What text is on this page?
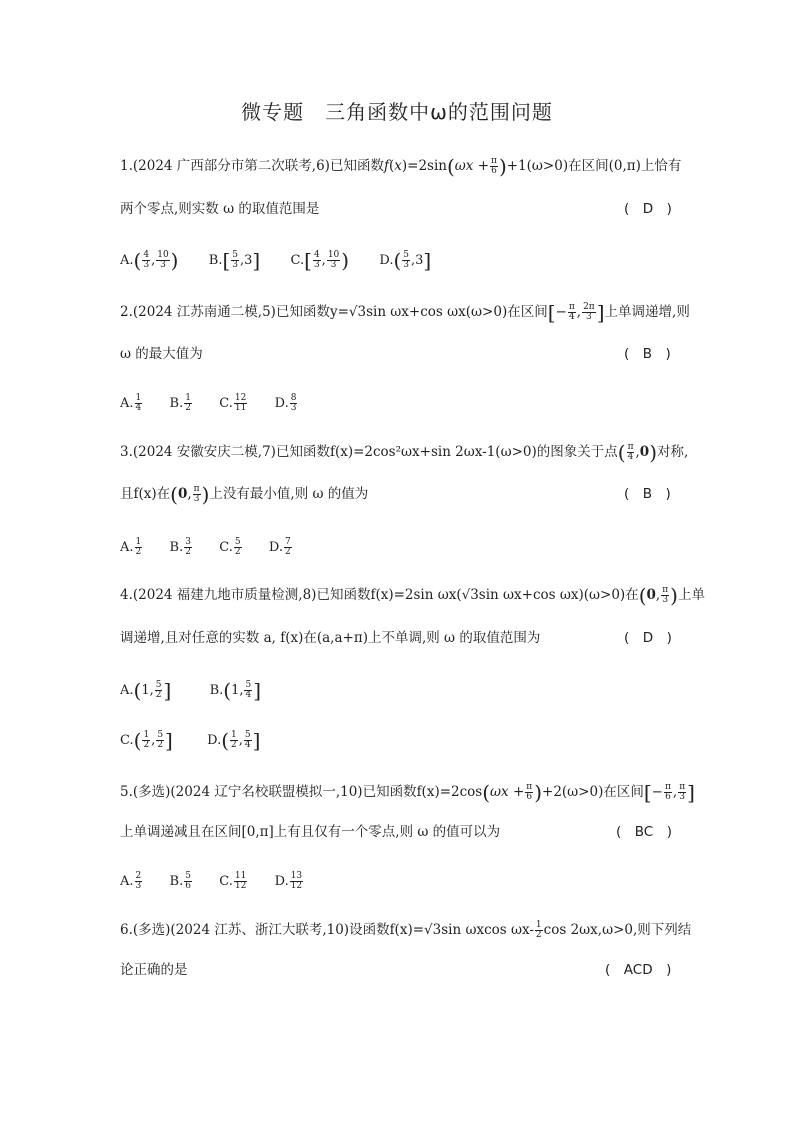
微专题　三角函数中ω的范围问题
1.(2024 广西部分市第二次联考,6)已知函数$f(x)=2\sin(\omega x + \frac{\pi}{6} )+1(\omega>0)$在区间(0,π)上恰有
两个零点,则实数 ω 的取值范围是	(　D　)
$A.( \frac{4}{3}$ , $\frac{10}{3}$ ) $B.[ \frac{5}{3} ,3]$ $C.[ \frac{4}{3}$ , $\frac{10}{3}$ ) $D.( \frac{5}{3} ,3]$
2.(2024 江苏南通二模,5)已知函数y=√3sin ωx+cos ωx(ω>0)在区间[− $\frac{\pi}{4}$ , $\frac{2\pi}{3}$ ]上单调递增,则
ω 的最大值为	(　B　)
A. $\frac{1}{4} B$. $\frac{1}{2} C$. $\frac{12}{11} D$. $\frac{8}{3}$
3.(2024 安徽安庆二模,7)已知函数f(x)=2cos²ωx+sin 2ωx-1(ω>0)的图象关于点( $\frac{\pi}{4} ,0$)对称,
且f(x)在(0, $\frac{\pi}{3}$ )上没有最小值,则 ω 的值为	(　B　)
A. $\frac{1}{2} B$. $\frac{3}{2} C$. $\frac{5}{2} D$. $\frac{7}{2}$
4.(2024 福建九地市质量检测,8)已知函数f(x)=2sin ωx(√3sin ωx+cos ωx)(ω>0)在(0, $\frac{\pi}{3}$ )上单
调递增,且对任意的实数 a, f(x)在(a,a+π)上不单调,则 ω 的取值范围为	(　D　)
A.(1, $\frac{5}{2}$ ]	B.(1, $\frac{5}{4}$ ]
$C.( \frac{1}{2}$ , $\frac{5}{2}$ ]	$D.( \frac{1}{2}$ , $\frac{5}{4}$ ]
5.(多选)(2024 辽宁名校联盟模拟一,10)已知函数$f(x)=2\cos(\omega x + \frac{\pi}{6} )+2(\omega>0)$在区间[− $\frac{\pi}{6}$ , $\frac{\pi}{3}$ ]
上单调递减且在区间[0,π]上有且仅有一个零点,则 ω 的值可以为	(　BC　)
A. $\frac{2}{3} B$. $\frac{5}{6} C$. $\frac{11}{12} D$. $\frac{13}{12}$
6.(多选)(2024 江苏、浙江大联考,10)设函数f(x)=√3sin ωxcos $\omega x- \frac{1}{2}$ cos 2ωx,ω>0,则下列结
论正确的是	(　ACD　)
